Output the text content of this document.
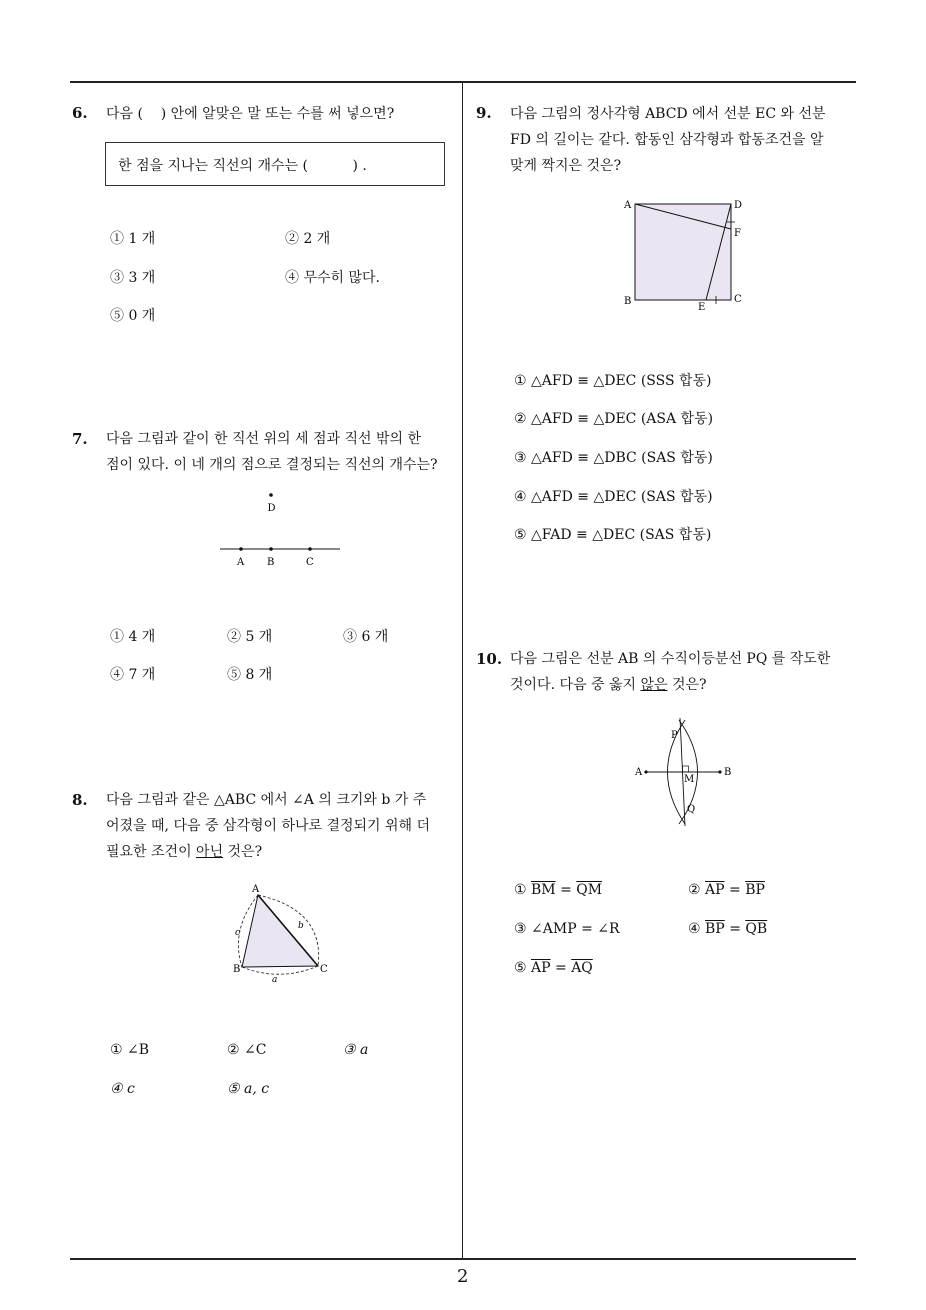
6. 다음 (    ) 안에 알맞은 말 또는 수를 써 넣으면?
한 점을 지나는 직선의 개수는 (          ) .
① 1 개	② 2 개
③ 3 개	④ 무수히 많다.
⑤ 0 개
7. 다음 그림과 같이 한 직선 위의 세 점과 직선 밖의 한
점이 있다. 이 네 개의 점으로 결정되는 직선의 개수는?
D
A B	C
① 4 개	② 5 개	③ 6 개
④ 7 개	⑤ 8 개
8. 다음 그림과 같은 △ABC 에서 ∠A 의 크기와 b 가 주
어졌을 때, 다음 중 삼각형이 하나로 결정되기 위해 더
필요한 조건이 아닌 것은?
A
B	C
b
c
a
① ∠B	② ∠C	③ a
④ c	⑤ a, c
9. 다음 그림의 정사각형 ABCD 에서 선분 EC 와 선분
FD 의 길이는 같다. 합동인 삼각형과 합동조건을 알
맞게 짝지은 것은?
A	D
F
B
E
C
① △AFD ≡ △DEC (SSS 합동)
② △AFD ≡ △DEC (ASA 합동)
③ △AFD ≡ △DBC (SAS 합동)
④ △AFD ≡ △DEC (SAS 합동)
⑤ △FAD ≡ △DEC (SAS 합동)
10. 다음 그림은 선분 AB 의 수직이등분선 PQ 를 작도한
것이다. 다음 중 옳지 않은 것은?
P
A
M
B
Q
① $\overline{BM} = \overline{QM}$	② $\overline{AP} = \overline{BP}$
③ ∠AMP = ∠R	④ $\overline{BP} = \overline{QB}$
⑤ $\overline{AP} = \overline{AQ}$
2
